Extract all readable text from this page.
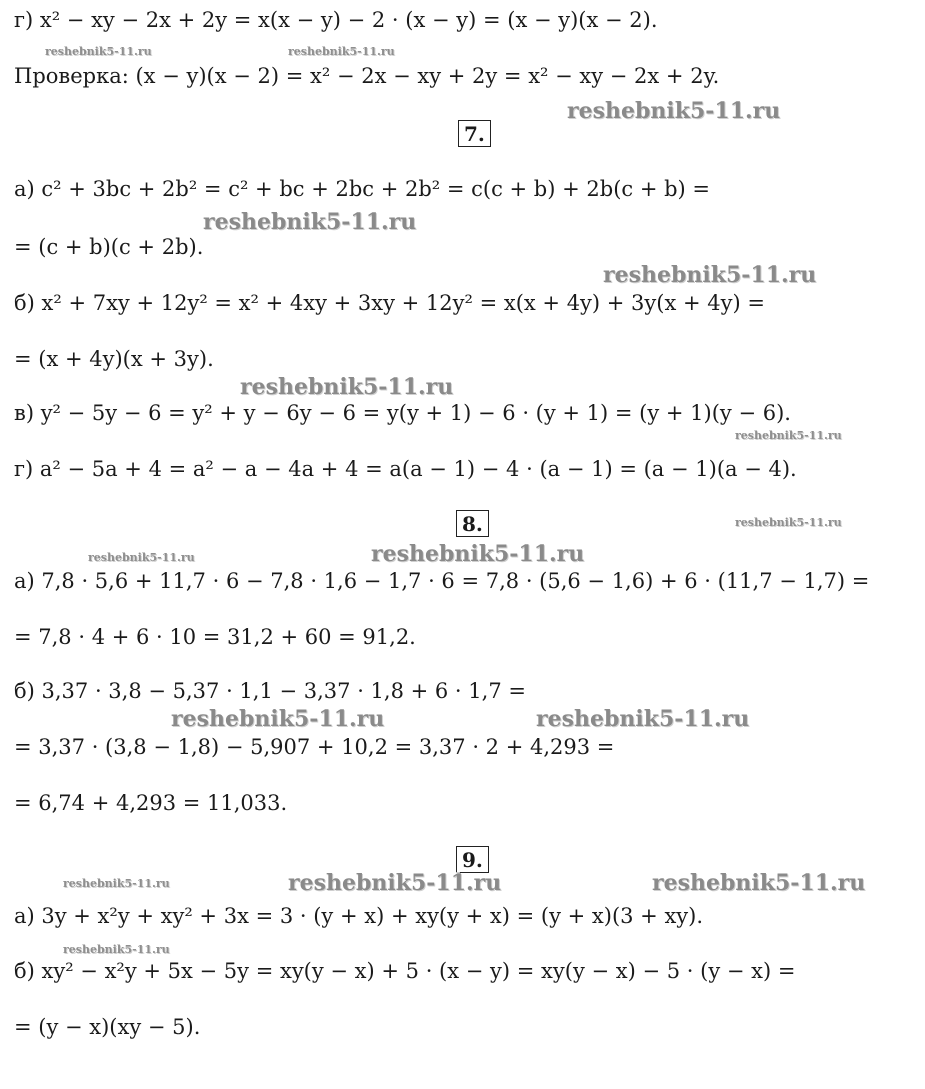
г) x² − xy − 2x + 2y = x(x − y) − 2 · (x − y) = (x − y)(x − 2).
Проверка: (x − y)(x − 2) = x² − 2x − xy + 2y = x² − xy − 2x + 2y.
7.
а) c² + 3bc + 2b² = c² + bc + 2bc + 2b² = c(c + b) + 2b(c + b) =
= (c + b)(c + 2b).
б) x² + 7xy + 12y² = x² + 4xy + 3xy + 12y² = x(x + 4y) + 3y(x + 4y) =
= (x + 4y)(x + 3y).
в) y² − 5y − 6 = y² + y − 6y − 6 = y(y + 1) − 6 · (y + 1) = (y + 1)(y − 6).
г) a² − 5a + 4 = a² − a − 4a + 4 = a(a − 1) − 4 · (a − 1) = (a − 1)(a − 4).
8.
а) 7,8 · 5,6 + 11,7 · 6 − 7,8 · 1,6 − 1,7 · 6 = 7,8 · (5,6 − 1,6) + 6 · (11,7 − 1,7) =
= 7,8 · 4 + 6 · 10 = 31,2 + 60 = 91,2.
б) 3,37 · 3,8 − 5,37 · 1,1 − 3,37 · 1,8 + 6 · 1,7 =
= 3,37 · (3,8 − 1,8) − 5,907 + 10,2 = 3,37 · 2 + 4,293 =
= 6,74 + 4,293 = 11,033.
9.
а) 3y + x²y + xy² + 3x = 3 · (y + x) + xy(y + x) = (y + x)(3 + xy).
б) xy² − x²y + 5x − 5y = xy(y − x) + 5 · (x − y) = xy(y − x) − 5 · (y − x) =
= (y − x)(xy − 5).
reshebnik5-11.ru	reshebnik5-11.ru
reshebnik5-11.ru
reshebnik5-11.ru
reshebnik5-11.ru
reshebnik5-11.ru
reshebnik5-11.ru
reshebnik5-11.ru
reshebnik5-11.ru	reshebnik5-11.ru
reshebnik5-11.ru	reshebnik5-11.ru
reshebnik5-11.ru	reshebnik5-11.ru	reshebnik5-11.ru
reshebnik5-11.ru
